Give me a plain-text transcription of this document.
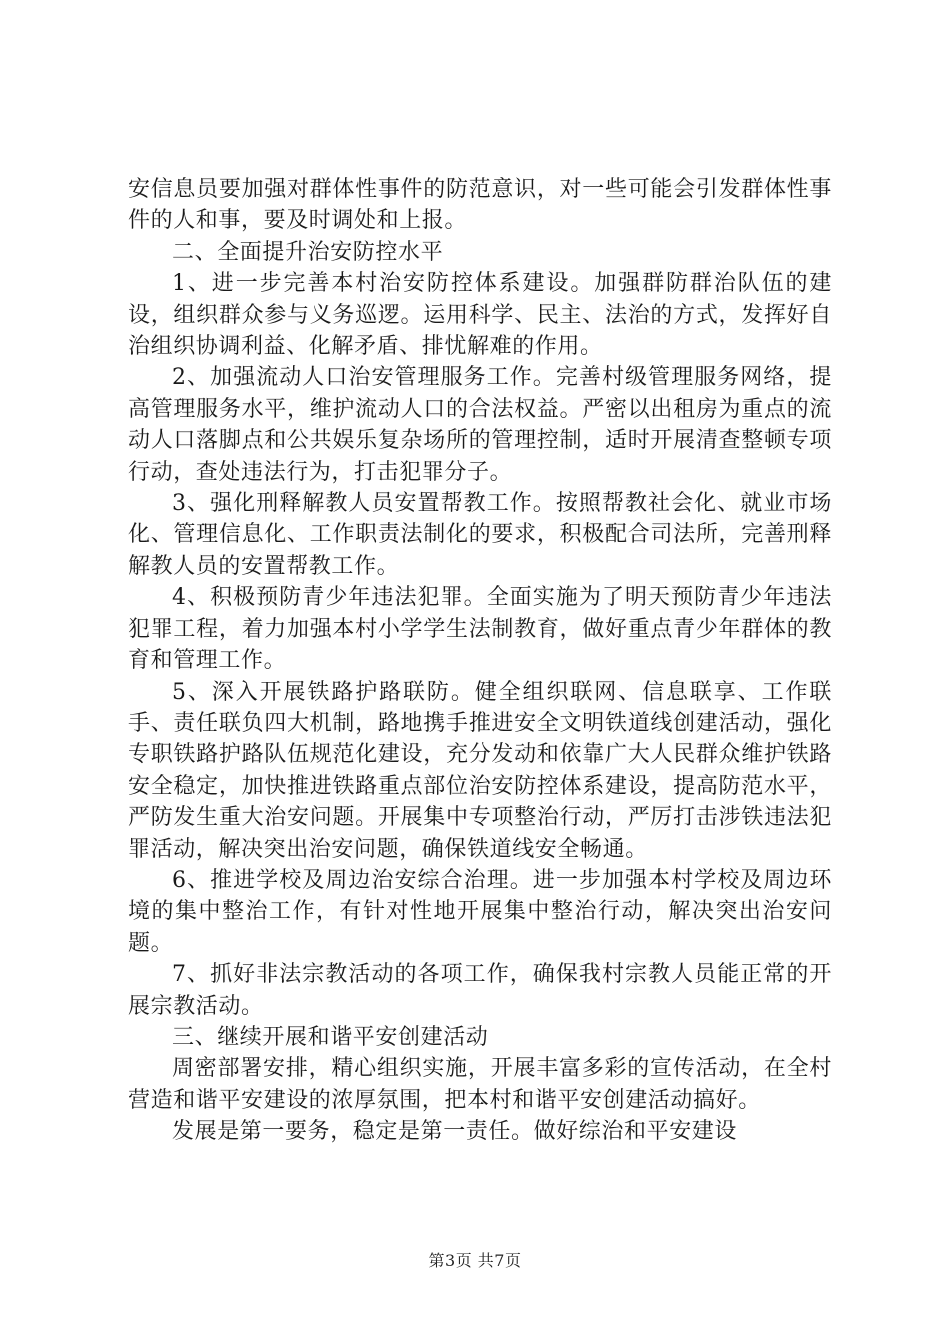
安信息员要加强对群体性事件的防范意识，对一些可能会引发群体性事件的人和事，要及时调处和上报。

二、全面提升治安防控水平

1、进一步完善本村治安防控体系建设。加强群防群治队伍的建设，组织群众参与义务巡逻。运用科学、民主、法治的方式，发挥好自治组织协调利益、化解矛盾、排忧解难的作用。

2、加强流动人口治安管理服务工作。完善村级管理服务网络，提高管理服务水平，维护流动人口的合法权益。严密以出租房为重点的流动人口落脚点和公共娱乐复杂场所的管理控制，适时开展清查整顿专项行动，查处违法行为，打击犯罪分子。

3、强化刑释解教人员安置帮教工作。按照帮教社会化、就业市场化、管理信息化、工作职责法制化的要求，积极配合司法所，完善刑释解教人员的安置帮教工作。

4、积极预防青少年违法犯罪。全面实施为了明天预防青少年违法犯罪工程，着力加强本村小学学生法制教育，做好重点青少年群体的教育和管理工作。

5、深入开展铁路护路联防。健全组织联网、信息联享、工作联手、责任联负四大机制，路地携手推进安全文明铁道线创建活动，强化专职铁路护路队伍规范化建设，充分发动和依靠广大人民群众维护铁路安全稳定，加快推进铁路重点部位治安防控体系建设，提高防范水平，严防发生重大治安问题。开展集中专项整治行动，严厉打击涉铁违法犯罪活动，解决突出治安问题，确保铁道线安全畅通。

6、推进学校及周边治安综合治理。进一步加强本村学校及周边环境的集中整治工作，有针对性地开展集中整治行动，解决突出治安问题。

7、抓好非法宗教活动的各项工作，确保我村宗教人员能正常的开展宗教活动。

三、继续开展和谐平安创建活动

周密部署安排，精心组织实施，开展丰富多彩的宣传活动，在全村营造和谐平安建设的浓厚氛围，把本村和谐平安创建活动搞好。

发展是第一要务，稳定是第一责任。做好综治和平安建设

第3页 共7页
